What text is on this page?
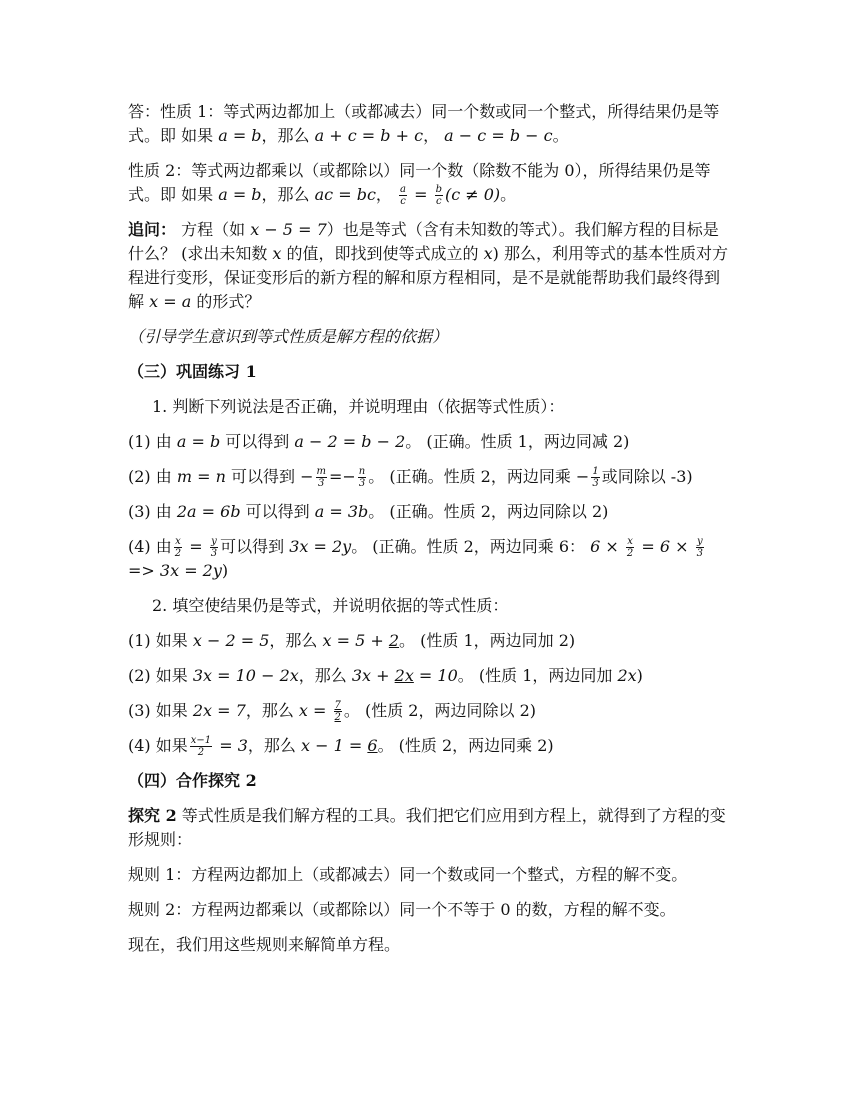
答：性质 1：等式两边都加上（或都减去）同一个数或同一个整式，所得结果仍是等式。即 如果 a = b，那么 a + c = b + c， a − c = b − c。

性质 2：等式两边都乘以（或都除以）同一个数（除数不能为 0），所得结果仍是等式。即 如果 a = b，那么 ac = bc， $\frac{a}{c} = \frac{b}{c} (c \ne 0)$。

追问： 方程（如 x − 5 = 7）也是等式（含有未知数的等式）。我们解方程的目标是什么？ (求出未知数 x 的值，即找到使等式成立的 x) 那么，利用等式的基本性质对方程进行变形，保证变形后的新方程的解和原方程相同，是不是就能帮助我们最终得到解 x = a 的形式？

（引导学生意识到等式性质是解方程的依据）

（三）巩固练习 1

1. 判断下列说法是否正确，并说明理由（依据等式性质）：

(1) 由 a = b 可以得到 a − 2 = b − 2。 (正确。性质 1，两边同减 2)

(2) 由 m = n 可以得到 − $\frac{m}{3} =- \frac{n}{3}$ 。 (正确。性质 2，两边同乘 − $\frac{1}{3}$ 或同除以 -3)

(3) 由 2a = 6b 可以得到 a = 3b。 (正确。性质 2，两边同除以 2)

(4) 由 $\frac{x}{2} = \frac{y}{3}$ 可以得到 3x = 2y。 (正确。性质 2，两边同乘 6： $6 \times \frac{x}{2} = 6 \times \frac{y}{3}$
=> 3x = 2y)

2. 填空使结果仍是等式，并说明依据的等式性质：

(1) 如果 x − 2 = 5，那么 x = 5 + 2。 (性质 1，两边同加 2)

(2) 如果 3x = 10 − 2x，那么 3x + 2x = 10。 (性质 1，两边同加 2x)

(3) 如果 2x = 7，那么 $x = \frac{7}{2}$ 。 (性质 2，两边同除以 2)

(4) 如果 $\frac{x-1}{2} = 3$，那么 x − 1 = 6。 (性质 2，两边同乘 2)

（四）合作探究 2

探究 2 等式性质是我们解方程的工具。我们把它们应用到方程上，就得到了方程的变形规则：

规则 1：方程两边都加上（或都减去）同一个数或同一个整式，方程的解不变。

规则 2：方程两边都乘以（或都除以）同一个不等于 0 的数，方程的解不变。

现在，我们用这些规则来解简单方程。
